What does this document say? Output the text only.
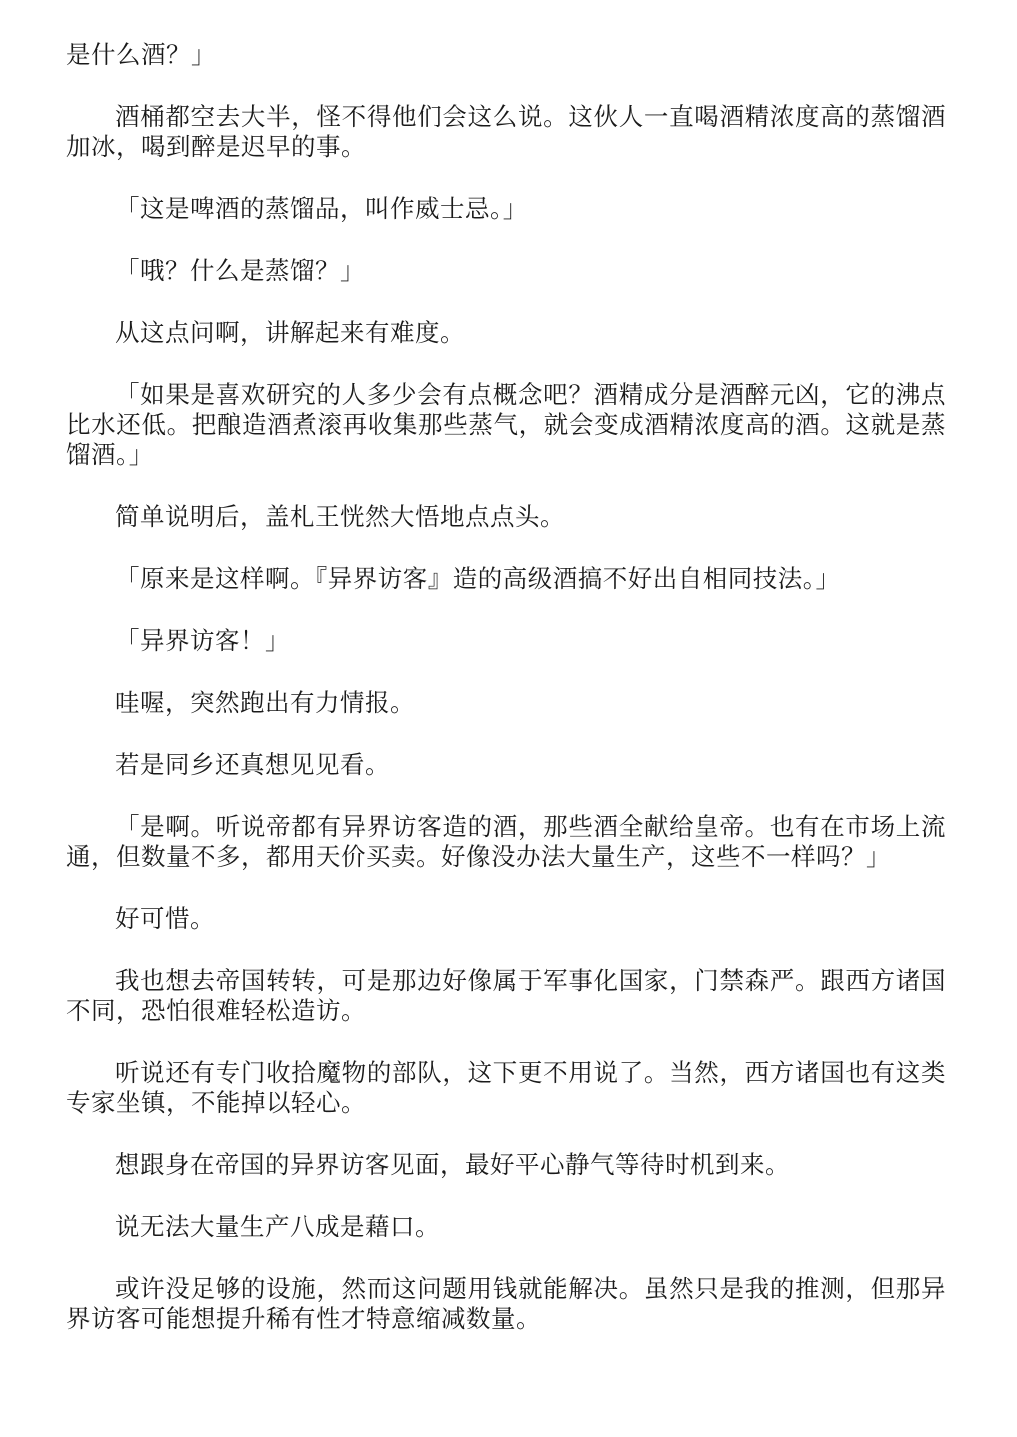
是什么酒？」

酒桶都空去大半，怪不得他们会这么说。这伙人一直喝酒精浓度高的蒸馏酒加冰，喝到醉是迟早的事。

「这是啤酒的蒸馏品，叫作威士忌。」

「哦？什么是蒸馏？」

从这点问啊，讲解起来有难度。

「如果是喜欢研究的人多少会有点概念吧？酒精成分是酒醉元凶，它的沸点比水还低。把酿造酒煮滚再收集那些蒸气，就会变成酒精浓度高的酒。这就是蒸馏酒。」

简单说明后，盖札王恍然大悟地点点头。

「原来是这样啊。『异界访客』造的高级酒搞不好出自相同技法。」

「异界访客！」

哇喔，突然跑出有力情报。

若是同乡还真想见见看。

「是啊。听说帝都有异界访客造的酒，那些酒全献给皇帝。也有在市场上流通，但数量不多，都用天价买卖。好像没办法大量生产，这些不一样吗？」

好可惜。

我也想去帝国转转，可是那边好像属于军事化国家，门禁森严。跟西方诸国不同，恐怕很难轻松造访。

听说还有专门收拾魔物的部队，这下更不用说了。当然，西方诸国也有这类专家坐镇，不能掉以轻心。

想跟身在帝国的异界访客见面，最好平心静气等待时机到来。

说无法大量生产八成是藉口。

或许没足够的设施，然而这问题用钱就能解决。虽然只是我的推测，但那异界访客可能想提升稀有性才特意缩减数量。
